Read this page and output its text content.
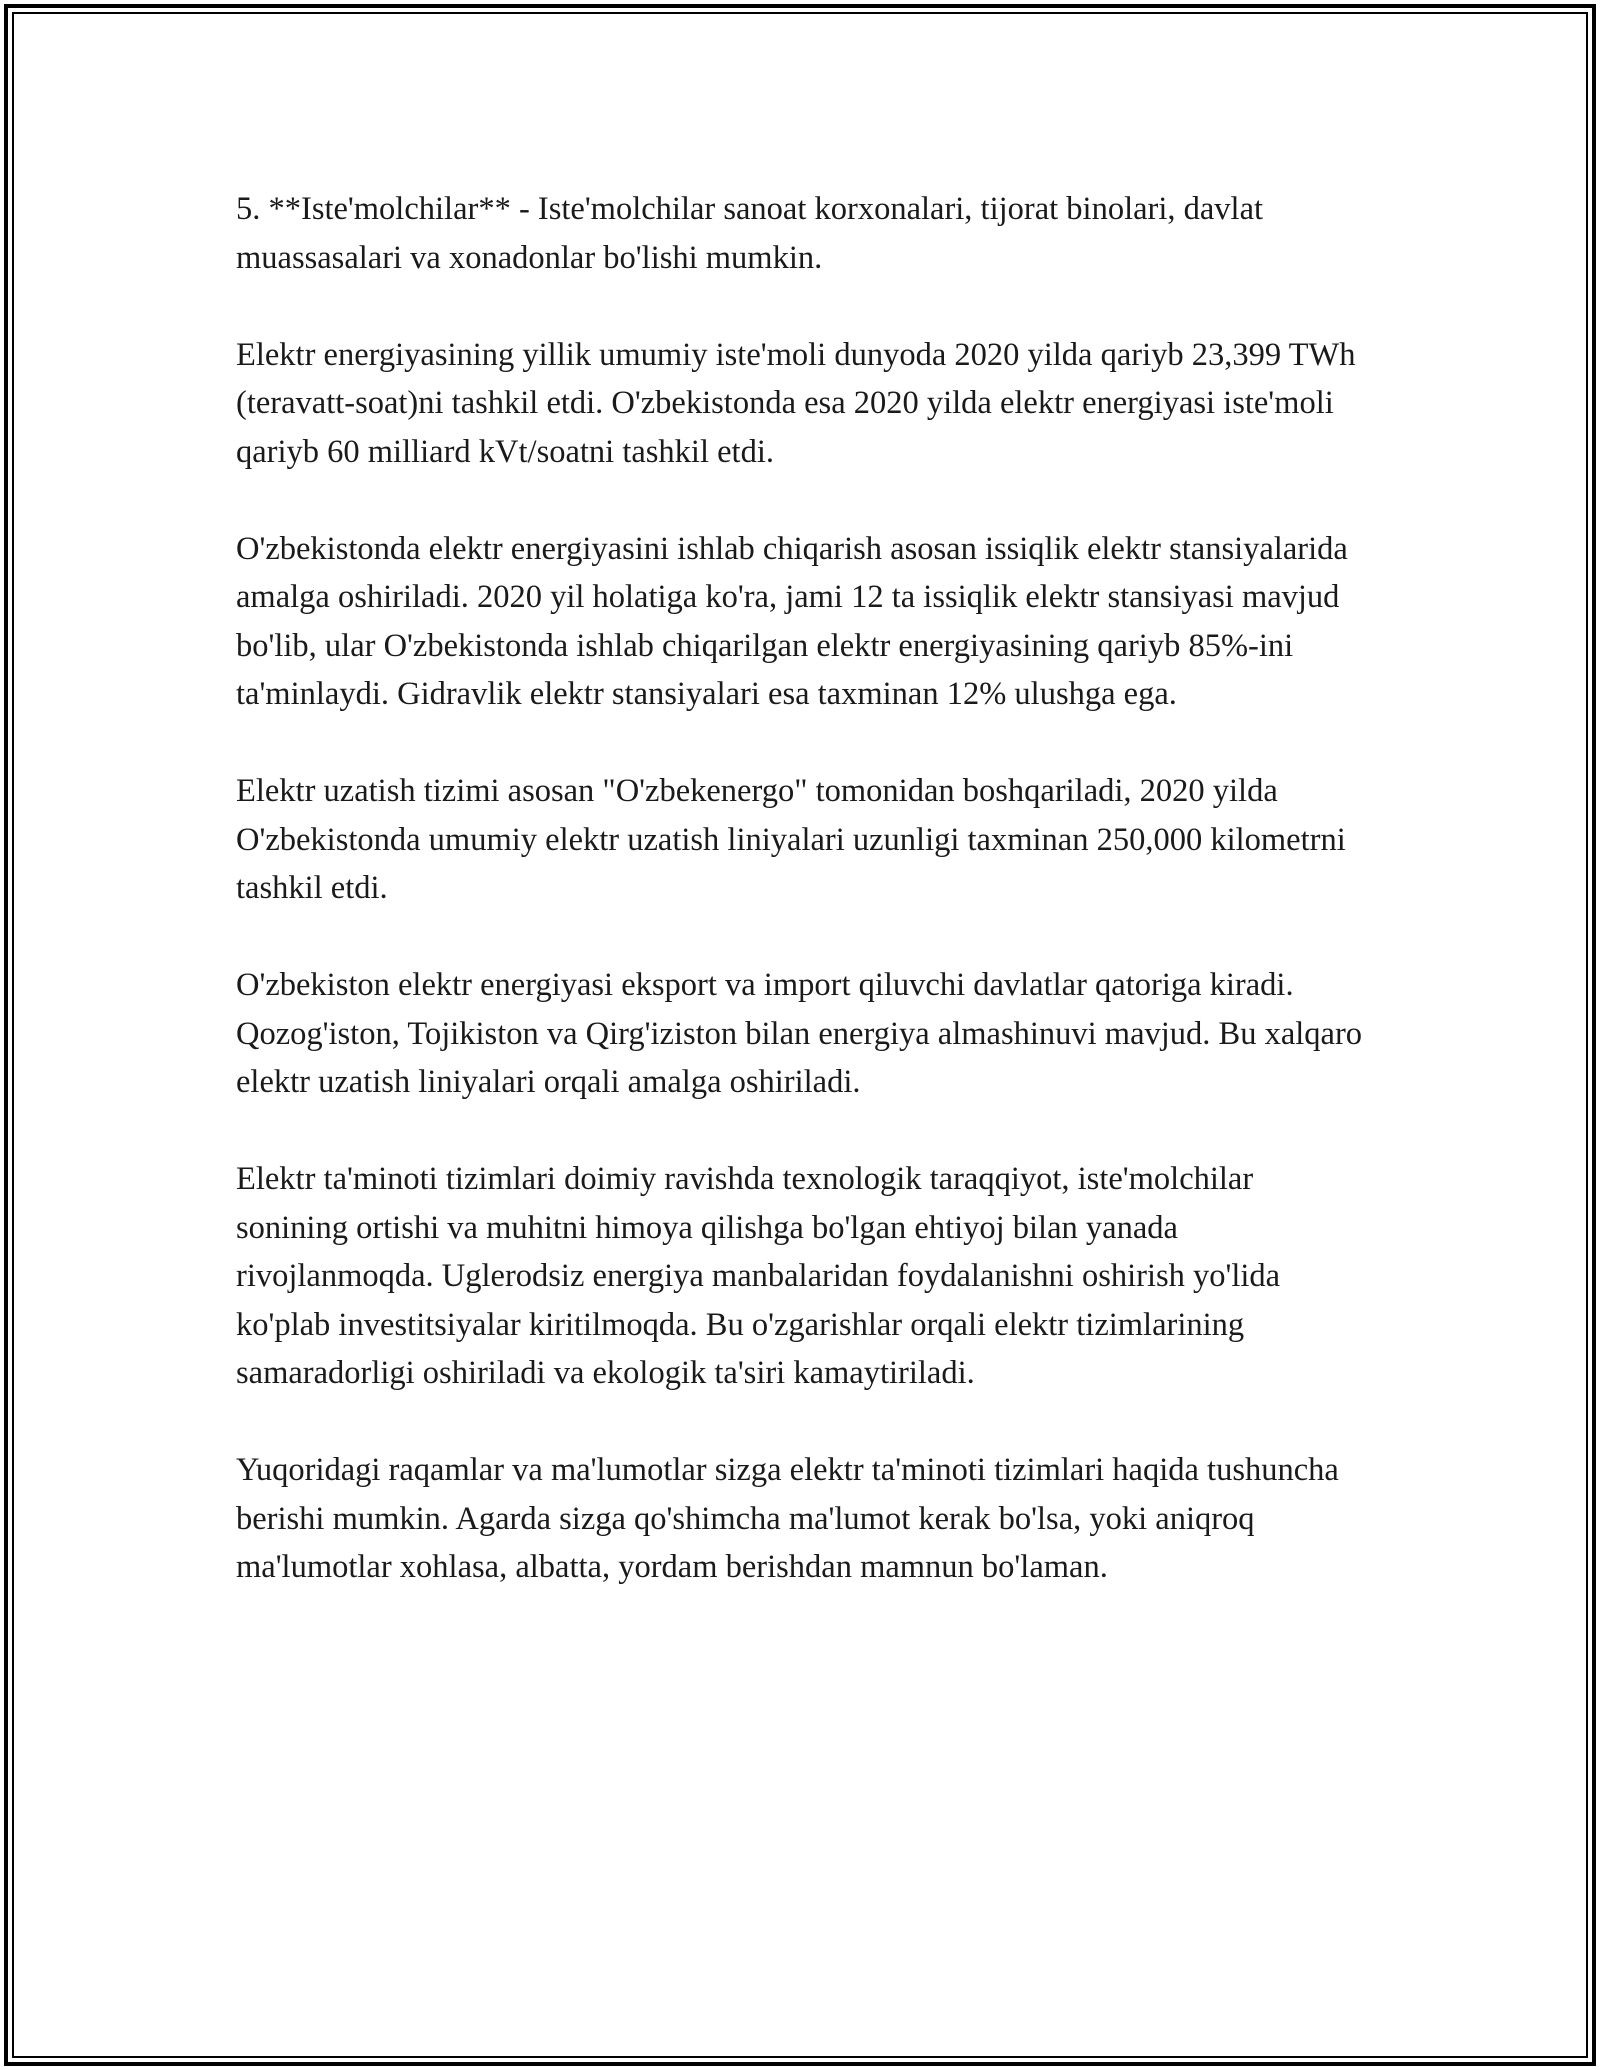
5. **Iste'molchilar** - Iste'molchilar sanoat korxonalari, tijorat binolari, davlat muassasalari va xonadonlar bo'lishi mumkin.

Elektr energiyasining yillik umumiy iste'moli dunyoda 2020 yilda qariyb 23,399 TWh (teravatt-soat)ni tashkil etdi. O'zbekistonda esa 2020 yilda elektr energiyasi iste'moli qariyb 60 milliard kVt/soatni tashkil etdi.

O'zbekistonda elektr energiyasini ishlab chiqarish asosan issiqlik elektr stansiyalarida amalga oshiriladi. 2020 yil holatiga ko'ra, jami 12 ta issiqlik elektr stansiyasi mavjud bo'lib, ular O'zbekistonda ishlab chiqarilgan elektr energiyasining qariyb 85%-ini ta'minlaydi. Gidravlik elektr stansiyalari esa taxminan 12% ulushga ega.

Elektr uzatish tizimi asosan "O'zbekenergo" tomonidan boshqariladi, 2020 yilda O'zbekistonda umumiy elektr uzatish liniyalari uzunligi taxminan 250,000 kilometrni tashkil etdi.

O'zbekiston elektr energiyasi eksport va import qiluvchi davlatlar qatoriga kiradi. Qozog'iston, Tojikiston va Qirg'iziston bilan energiya almashinuvi mavjud. Bu xalqaro elektr uzatish liniyalari orqali amalga oshiriladi.

Elektr ta'minoti tizimlari doimiy ravishda texnologik taraqqiyot, iste'molchilar sonining ortishi va muhitni himoya qilishga bo'lgan ehtiyoj bilan yanada rivojlanmoqda. Uglerodsiz energiya manbalaridan foydalanishni oshirish yo'lida ko'plab investitsiyalar kiritilmoqda. Bu o'zgarishlar orqali elektr tizimlarining samaradorligi oshiriladi va ekologik ta'siri kamaytiriladi.

Yuqoridagi raqamlar va ma'lumotlar sizga elektr ta'minoti tizimlari haqida tushuncha berishi mumkin. Agarda sizga qo'shimcha ma'lumot kerak bo'lsa, yoki aniqroq ma'lumotlar xohlasa, albatta, yordam berishdan mamnun bo'laman.
